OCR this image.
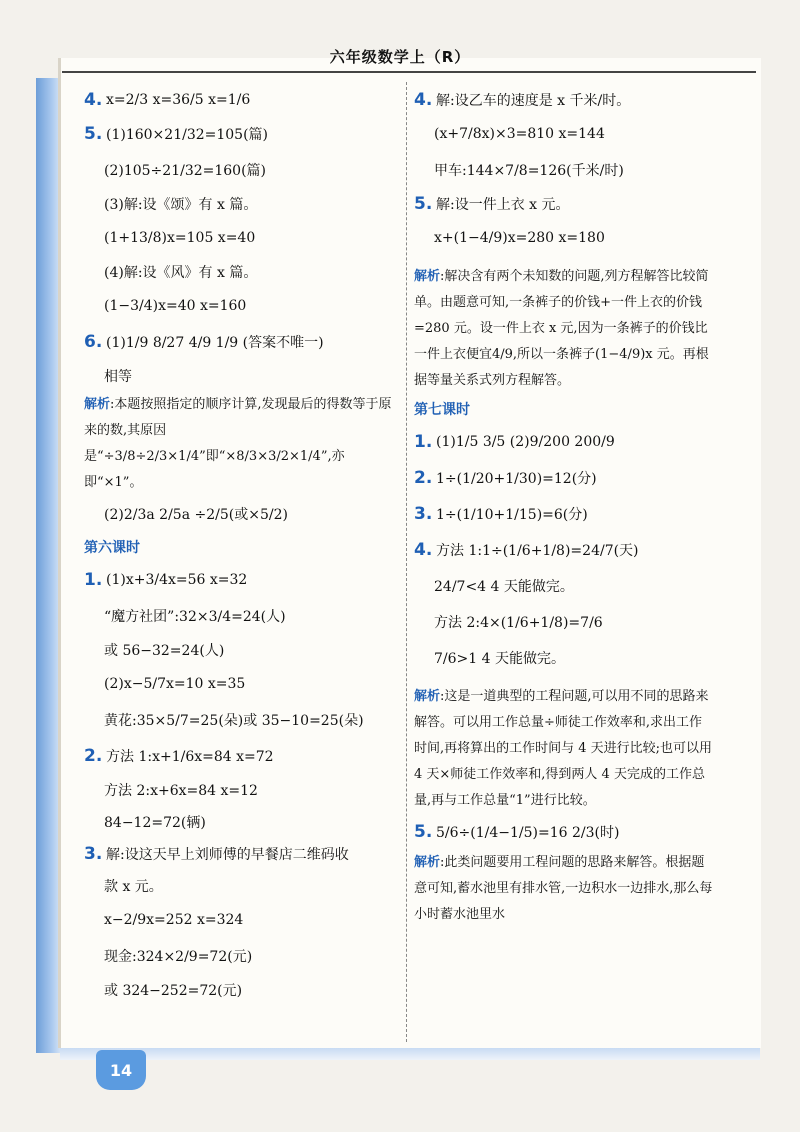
六年级数学上（R）
4. x=2/3 x=36/5 x=1/6
5. (1)160×21/32=105(篇)
(2)105÷21/32=160(篇)
(3)解:设《颂》有 x 篇。
(1+13/8)x=105 x=40
(4)解:设《风》有 x 篇。
(1−3/4)x=40 x=160
6. (1)1/9 8/27 4/9 1/9 (答案不唯一)
相等
解析:本题按照指定的顺序计算,发现最后的得数等于原来的数,其原因是“÷3/8÷2/3×1/4”即“×8/3×3/2×1/4”,亦即“×1”。
(2)2/3a 2/5a ÷2/5(或×5/2)
第六课时
1. (1)x+3/4x=56 x=32
“魔方社团”:32×3/4=24(人)
或 56−32=24(人)
(2)x−5/7x=10 x=35
黄花:35×5/7=25(朵)或 35−10=25(朵)
2. 方法 1:x+1/6x=84 x=72
方法 2:x+6x=84 x=12
84−12=72(辆)
3. 解:设这天早上刘师傅的早餐店二维码收
款 x 元。
x−2/9x=252 x=324
现金:324×2/9=72(元)
或 324−252=72(元)
4. 解:设乙车的速度是 x 千米/时。
(x+7/8x)×3=810 x=144
甲车:144×7/8=126(千米/时)
5. 解:设一件上衣 x 元。
x+(1−4/9)x=280 x=180
解析:解决含有两个未知数的问题,列方程解答比较简单。由题意可知,一条裤子的价钱+一件上衣的价钱=280 元。设一件上衣 x 元,因为一条裤子的价钱比一件上衣便宜4/9,所以一条裤子(1−4/9)x 元。再根据等量关系式列方程解答。
第七课时
1. (1)1/5 3/5 (2)9/200 200/9
2. 1÷(1/20+1/30)=12(分)
3. 1÷(1/10+1/15)=6(分)
4. 方法 1:1÷(1/6+1/8)=24/7(天)
24/7<4 4 天能做完。
方法 2:4×(1/6+1/8)=7/6
7/6>1 4 天能做完。
解析:这是一道典型的工程问题,可以用不同的思路来解答。可以用工作总量÷师徒工作效率和,求出工作时间,再将算出的工作时间与 4 天进行比较;也可以用 4 天×师徒工作效率和,得到两人 4 天完成的工作总量,再与工作总量“1”进行比较。
5. 5/6÷(1/4−1/5)=16 2/3(时)
解析:此类问题要用工程问题的思路来解答。根据题意可知,蓄水池里有排水管,一边积水一边排水,那么每小时蓄水池里水
14
